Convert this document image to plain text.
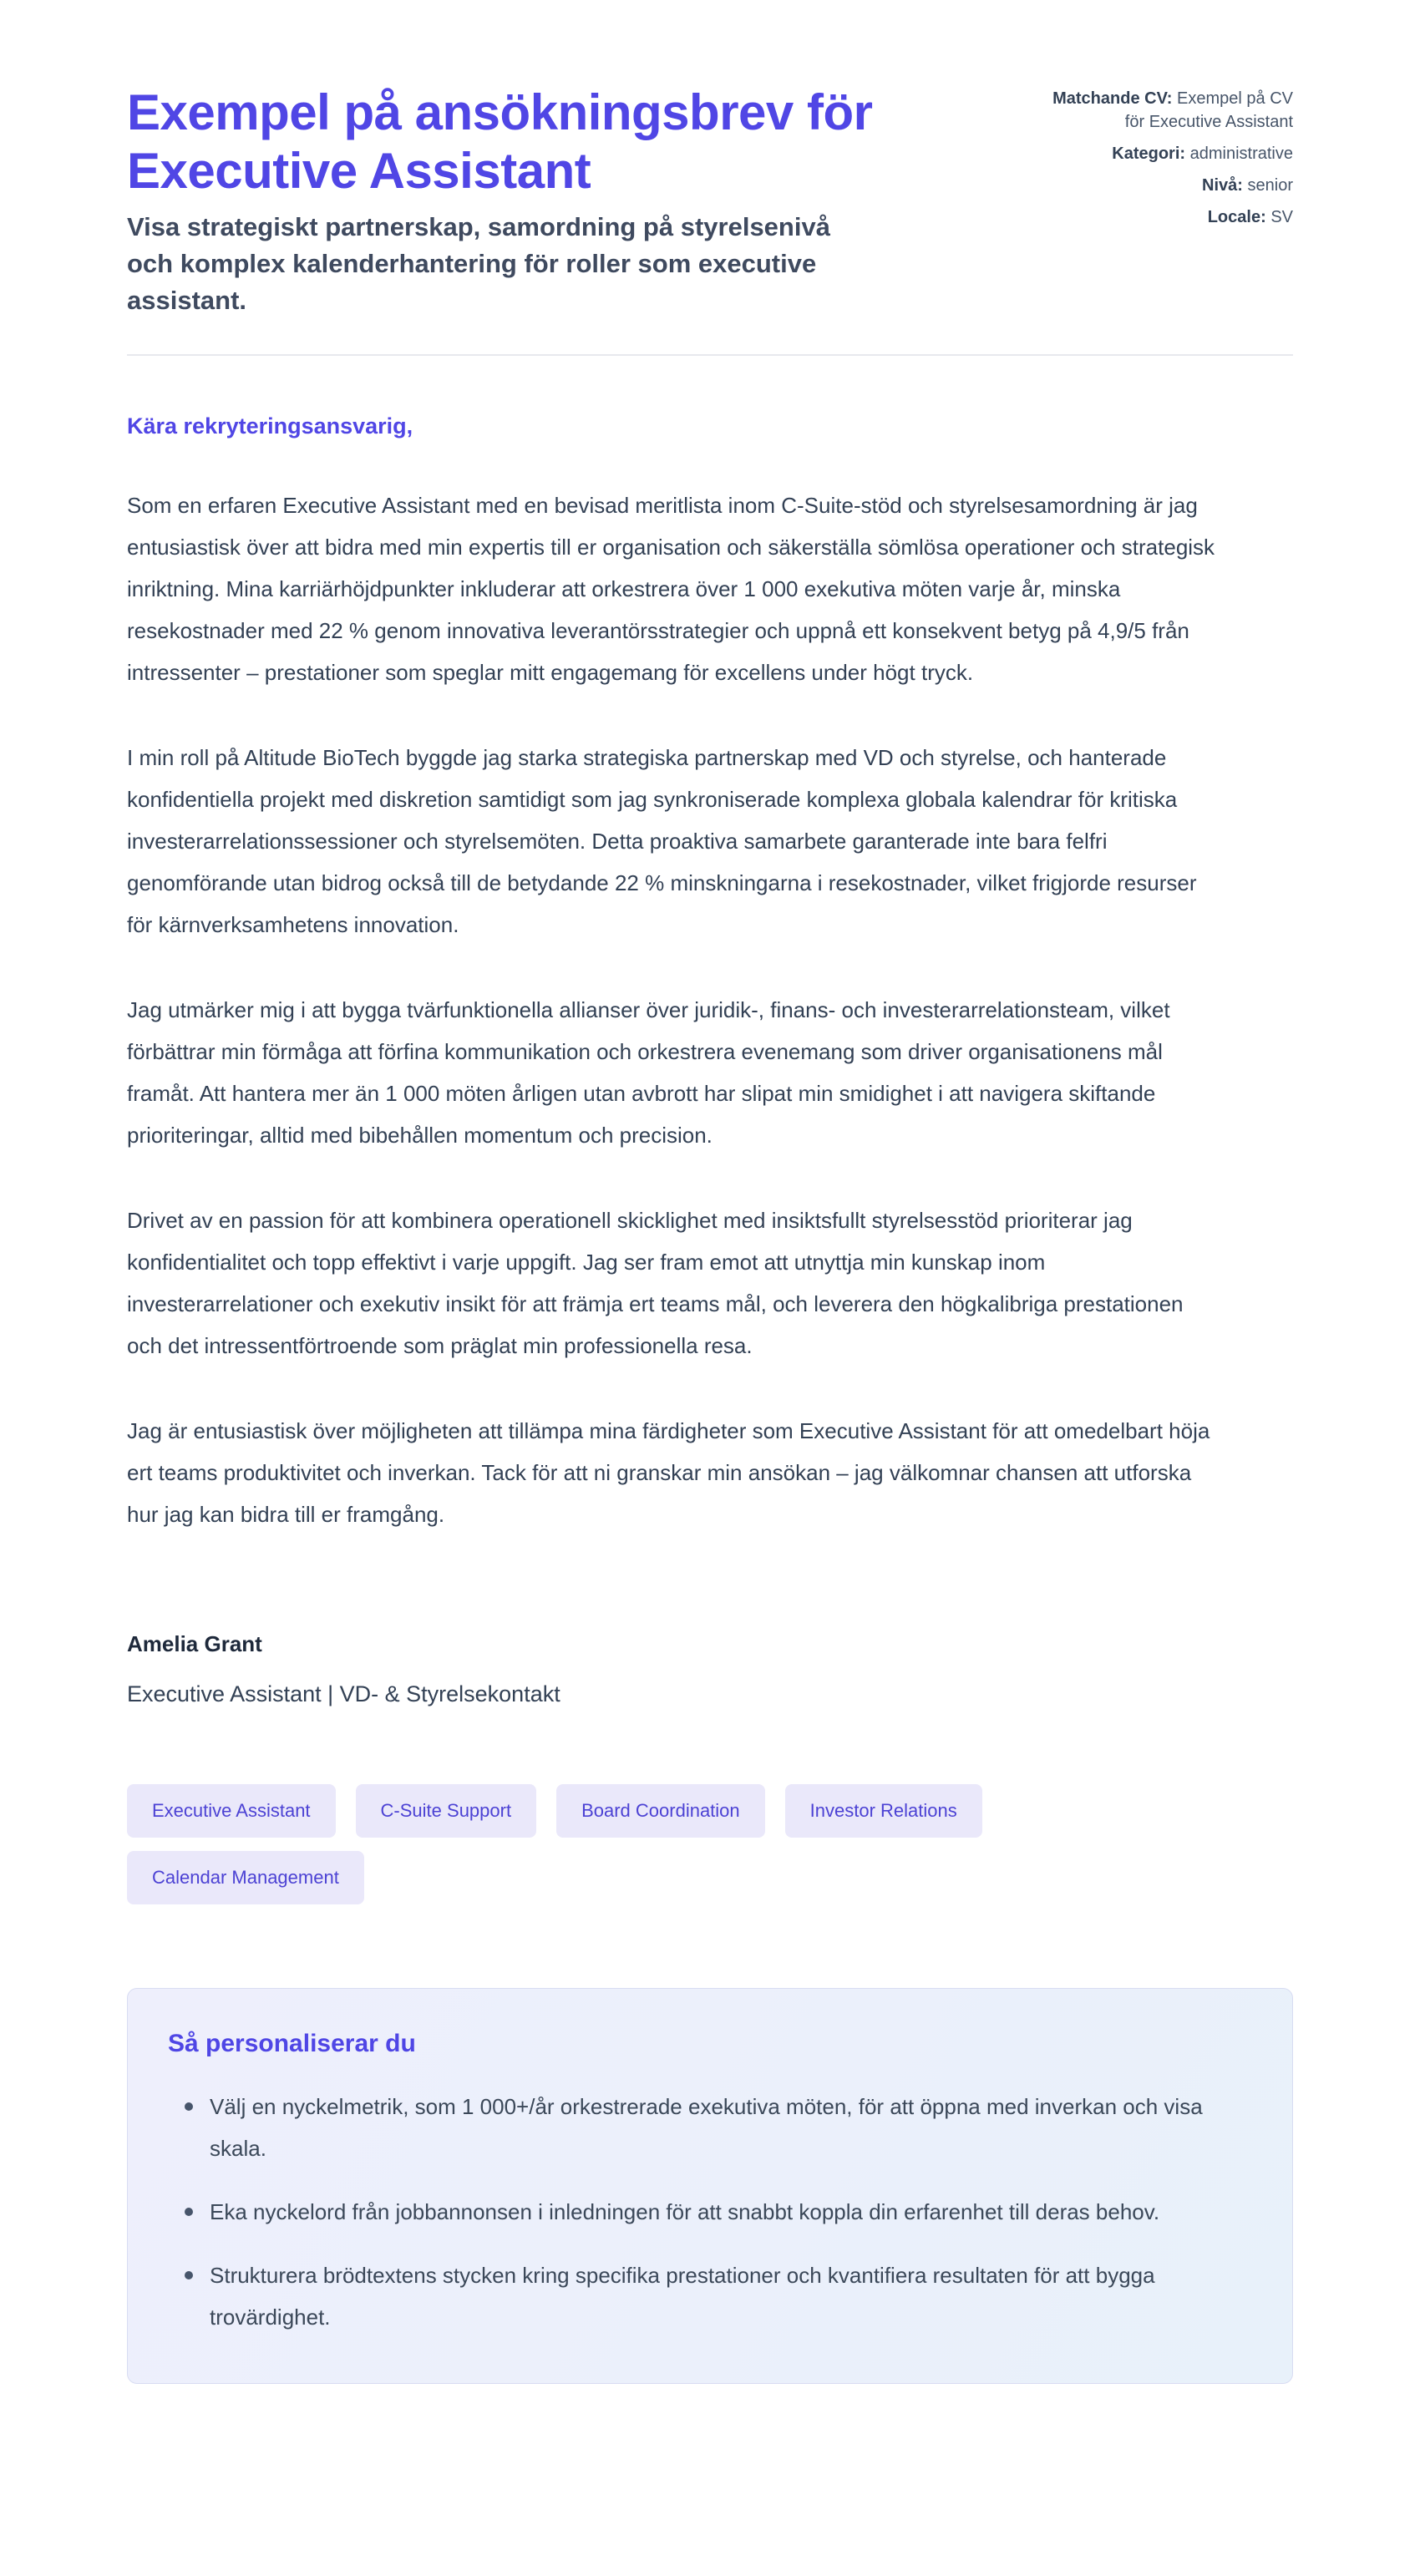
Exempel på ansökningsbrev för Executive Assistant

Visa strategiskt partnerskap, samordning på styrelsenivå och komplex kalenderhantering för roller som executive assistant.

Matchande CV: Exempel på CV för Executive Assistant
Kategori: administrative
Nivå: senior
Locale: SV

Kära rekryteringsansvarig,

Som en erfaren Executive Assistant med en bevisad meritlista inom C-Suite-stöd och styrelsesamordning är jag entusiastisk över att bidra med min expertis till er organisation och säkerställa sömlösa operationer och strategisk inriktning. Mina karriärhöjdpunkter inkluderar att orkestrera över 1 000 exekutiva möten varje år, minska resekostnader med 22 % genom innovativa leverantörsstrategier och uppnå ett konsekvent betyg på 4,9/5 från intressenter – prestationer som speglar mitt engagemang för excellens under högt tryck.

I min roll på Altitude BioTech byggde jag starka strategiska partnerskap med VD och styrelse, och hanterade konfidentiella projekt med diskretion samtidigt som jag synkroniserade komplexa globala kalendrar för kritiska investerarrelationssessioner och styrelsemöten. Detta proaktiva samarbete garanterade inte bara felfri genomförande utan bidrog också till de betydande 22 % minskningarna i resekostnader, vilket frigjorde resurser för kärnverksamhetens innovation.

Jag utmärker mig i att bygga tvärfunktionella allianser över juridik-, finans- och investerarrelationsteam, vilket förbättrar min förmåga att förfina kommunikation och orkestrera evenemang som driver organisationens mål framåt. Att hantera mer än 1 000 möten årligen utan avbrott har slipat min smidighet i att navigera skiftande prioriteringar, alltid med bibehållen momentum och precision.

Drivet av en passion för att kombinera operationell skicklighet med insiktsfullt styrelsesstöd prioriterar jag konfidentialitet och topp effektivt i varje uppgift. Jag ser fram emot att utnyttja min kunskap inom investerarrelationer och exekutiv insikt för att främja ert teams mål, och leverera den högkalibriga prestationen och det intressentförtroende som präglat min professionella resa.

Jag är entusiastisk över möjligheten att tillämpa mina färdigheter som Executive Assistant för att omedelbart höja ert teams produktivitet och inverkan. Tack för att ni granskar min ansökan – jag välkomnar chansen att utforska hur jag kan bidra till er framgång.

Amelia Grant

Executive Assistant | VD- & Styrelsekontakt

Executive Assistant	C-Suite Support	Board Coordination	Investor Relations
Calendar Management
Så personaliserar du
Välj en nyckelmetrik, som 1 000+/år orkestrerade exekutiva möten, för att öppna med inverkan och visa skala.
Eka nyckelord från jobbannonsen i inledningen för att snabbt koppla din erfarenhet till deras behov.
Strukturera brödtextens stycken kring specifika prestationer och kvantifiera resultaten för att bygga trovärdighet.
